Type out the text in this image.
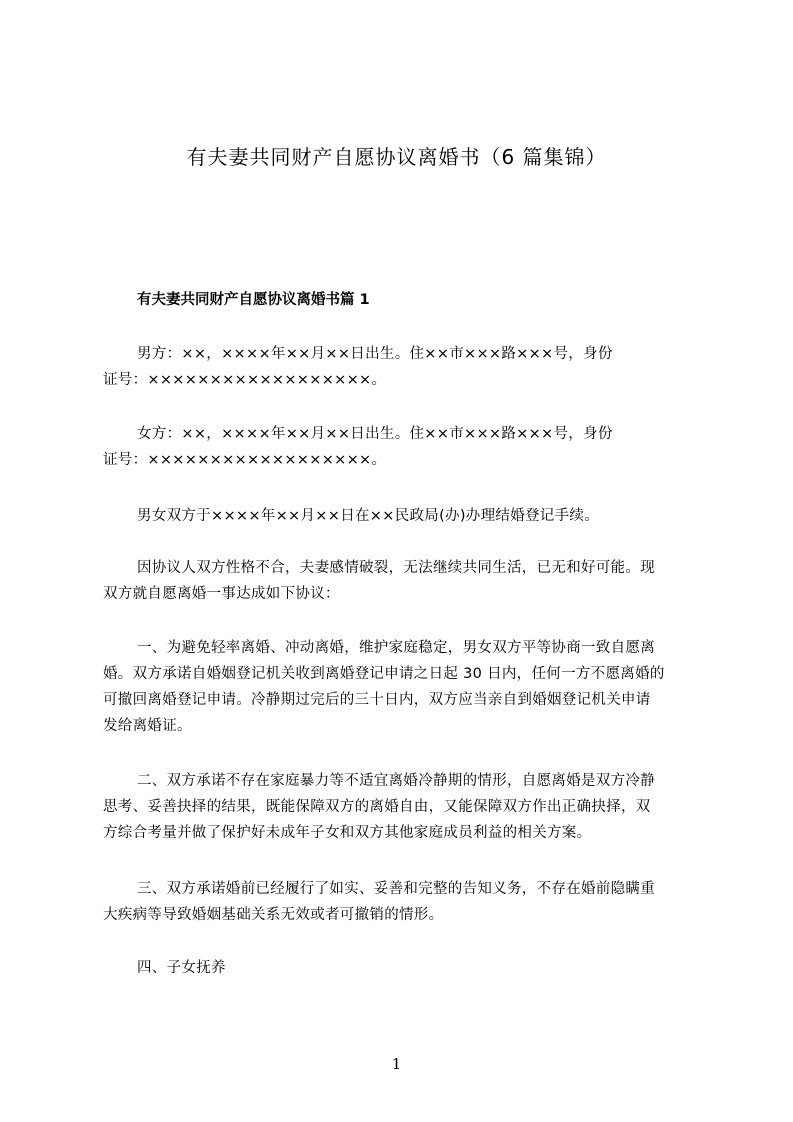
有夫妻共同财产自愿协议离婚书（6 篇集锦）
有夫妻共同财产自愿协议离婚书篇 1
男方：××，××××年××月××日出生。住××市×××路×××号，身份
证号：××××××××××××××××××。
女方：××，××××年××月××日出生。住××市×××路×××号，身份
证号：××××××××××××××××××。
男女双方于××××年××月××日在××民政局(办)办理结婚登记手续。
因协议人双方性格不合，夫妻感情破裂，无法继续共同生活，已无和好可能。现
双方就自愿离婚一事达成如下协议：
一、为避免轻率离婚、冲动离婚，维护家庭稳定，男女双方平等协商一致自愿离
婚。双方承诺自婚姻登记机关收到离婚登记申请之日起 30 日内，任何一方不愿离婚的
可撤回离婚登记申请。冷静期过完后的三十日内，双方应当亲自到婚姻登记机关申请
发给离婚证。
二、双方承诺不存在家庭暴力等不适宜离婚冷静期的情形，自愿离婚是双方冷静
思考、妥善抉择的结果，既能保障双方的离婚自由，又能保障双方作出正确抉择，双
方综合考量并做了保护好未成年子女和双方其他家庭成员利益的相关方案。
三、双方承诺婚前已经履行了如实、妥善和完整的告知义务，不存在婚前隐瞒重
大疾病等导致婚姻基础关系无效或者可撤销的情形。
四、子女抚养
1
